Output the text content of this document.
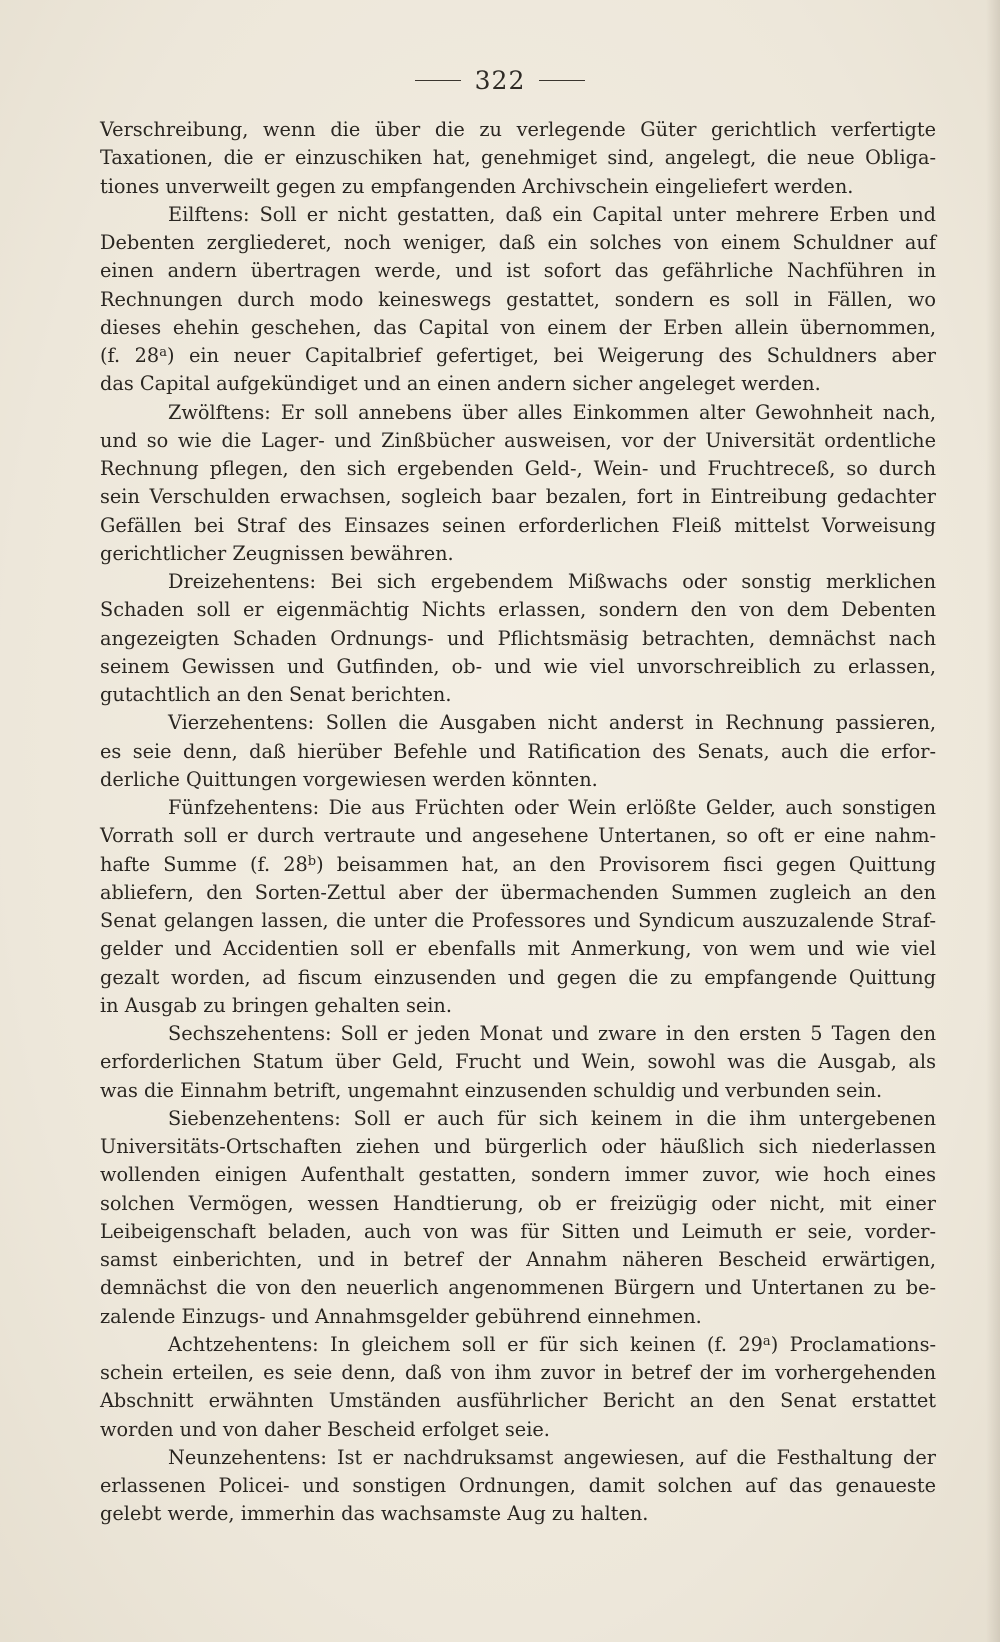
322
Verschreibung, wenn die über die zu verlegende Güter gerichtlich verfertigte
Taxationen, die er einzuschiken hat, genehmiget sind, angelegt, die neue Obliga-
tiones unverweilt gegen zu empfangenden Archivschein eingeliefert werden.
Eilftens: Soll er nicht gestatten, daß ein Capital unter mehrere Erben und
Debenten zergliederet, noch weniger, daß ein solches von einem Schuldner auf
einen andern übertragen werde, und ist sofort das gefährliche Nachführen in
Rechnungen durch modo keineswegs gestattet, sondern es soll in Fällen, wo
dieses ehehin geschehen, das Capital von einem der Erben allein übernommen,
(f. 28$^a$) ein neuer Capitalbrief gefertiget, bei Weigerung des Schuldners aber
das Capital aufgekündiget und an einen andern sicher angeleget werden.
Zwölftens: Er soll annebens über alles Einkommen alter Gewohnheit nach,
und so wie die Lager- und Zinßbücher ausweisen, vor der Universität ordentliche
Rechnung pflegen, den sich ergebenden Geld-, Wein- und Fruchtreceß, so durch
sein Verschulden erwachsen, sogleich baar bezalen, fort in Eintreibung gedachter
Gefällen bei Straf des Einsazes seinen erforderlichen Fleiß mittelst Vorweisung
gerichtlicher Zeugnissen bewähren.
Dreizehentens: Bei sich ergebendem Mißwachs oder sonstig merklichen
Schaden soll er eigenmächtig Nichts erlassen, sondern den von dem Debenten
angezeigten Schaden Ordnungs- und Pflichtsmäsig betrachten, demnächst nach
seinem Gewissen und Gutfinden, ob- und wie viel unvorschreiblich zu erlassen,
gutachtlich an den Senat berichten.
Vierzehentens: Sollen die Ausgaben nicht anderst in Rechnung passieren,
es seie denn, daß hierüber Befehle und Ratification des Senats, auch die erfor-
derliche Quittungen vorgewiesen werden könnten.
Fünfzehentens: Die aus Früchten oder Wein erlößte Gelder, auch sonstigen
Vorrath soll er durch vertraute und angesehene Untertanen, so oft er eine nahm-
hafte Summe (f. 28$^b$) beisammen hat, an den Provisorem fisci gegen Quittung
abliefern, den Sorten-Zettul aber der übermachenden Summen zugleich an den
Senat gelangen lassen, die unter die Professores und Syndicum auszuzalende Straf-
gelder und Accidentien soll er ebenfalls mit Anmerkung, von wem und wie viel
gezalt worden, ad fiscum einzusenden und gegen die zu empfangende Quittung
in Ausgab zu bringen gehalten sein.
Sechszehentens: Soll er jeden Monat und zware in den ersten 5 Tagen den
erforderlichen Statum über Geld, Frucht und Wein, sowohl was die Ausgab, als
was die Einnahm betrift, ungemahnt einzusenden schuldig und verbunden sein.
Siebenzehentens: Soll er auch für sich keinem in die ihm untergebenen
Universitäts-Ortschaften ziehen und bürgerlich oder häußlich sich niederlassen
wollenden einigen Aufenthalt gestatten, sondern immer zuvor, wie hoch eines
solchen Vermögen, wessen Handtierung, ob er freizügig oder nicht, mit einer
Leibeigenschaft beladen, auch von was für Sitten und Leimuth er seie, vorder-
samst einberichten, und in betref der Annahm näheren Bescheid erwärtigen,
demnächst die von den neuerlich angenommenen Bürgern und Untertanen zu be-
zalende Einzugs- und Annahmsgelder gebührend einnehmen.
Achtzehentens: In gleichem soll er für sich keinen (f. 29$^a$) Proclamations-
schein erteilen, es seie denn, daß von ihm zuvor in betref der im vorhergehenden
Abschnitt erwähnten Umständen ausführlicher Bericht an den Senat erstattet
worden und von daher Bescheid erfolget seie.
Neunzehentens: Ist er nachdruksamst angewiesen, auf die Festhaltung der
erlassenen Policei- und sonstigen Ordnungen, damit solchen auf das genaueste
gelebt werde, immerhin das wachsamste Aug zu halten.
